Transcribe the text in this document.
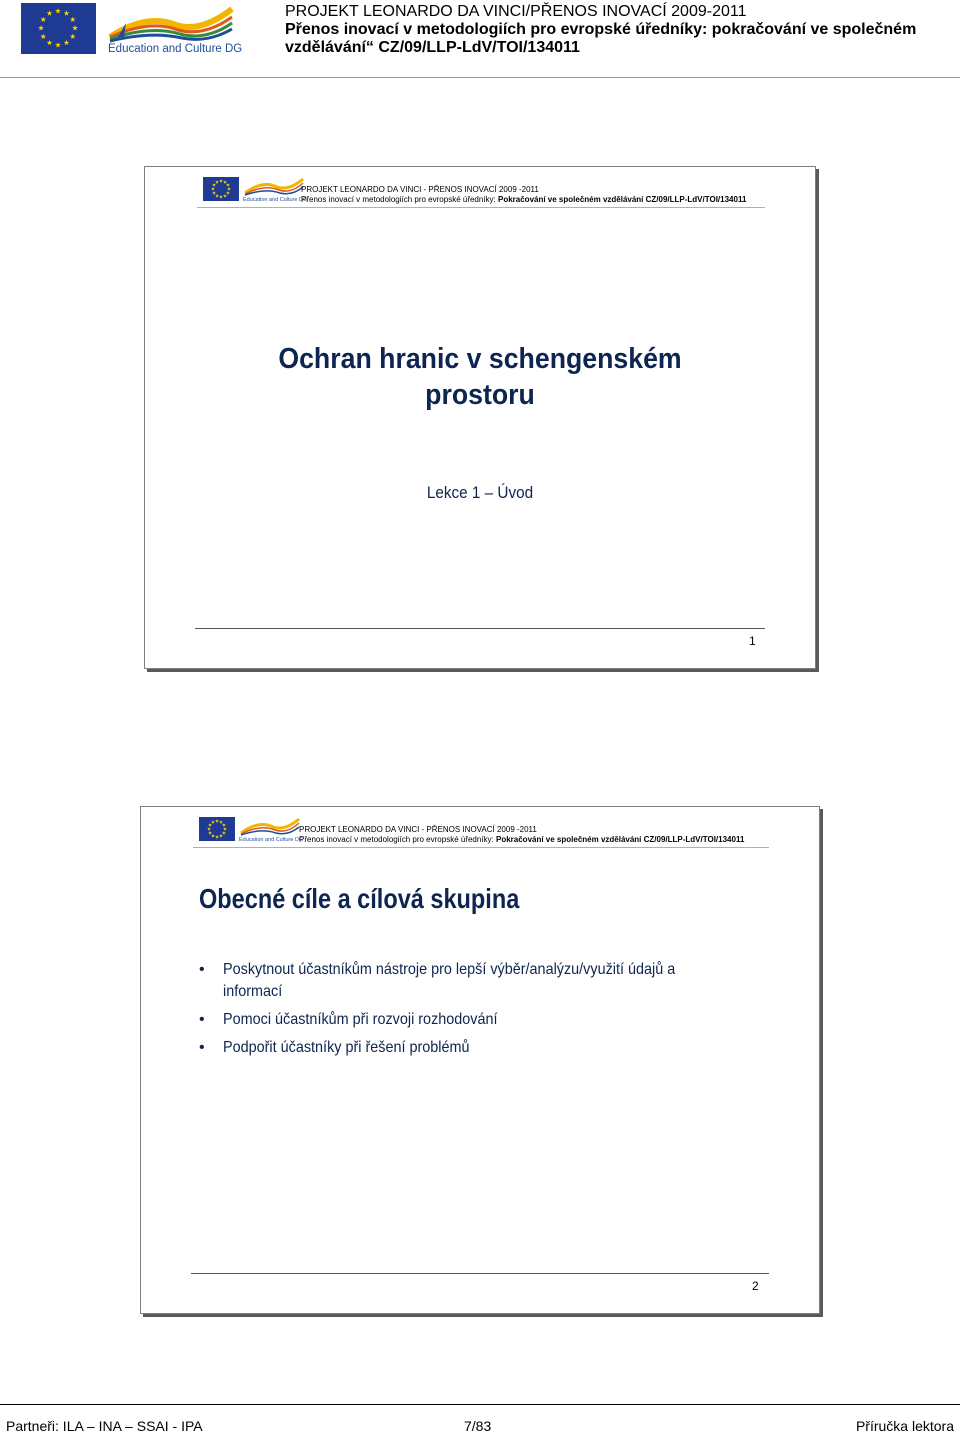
Education and Culture DG
PROJEKT LEONARDO DA VINCI/PŘENOS INOVACÍ 2009-2011
Přenos inovací v metodologiích pro evropské úředníky: pokračování ve společném
vzdělávání“ CZ/09/LLP-LdV/TOI/134011
Education and Culture DG
PROJEKT LEONARDO DA VINCI - PŘENOS INOVACÍ 2009 -2011
Přenos inovací v metodologiích pro evropské úředníky: Pokračování ve společném vzdělávání CZ/09/LLP-LdV/TOI/134011
Ochran hranic v schengenském
prostoru
Lekce 1 – Úvod
1
Education and Culture DG
PROJEKT LEONARDO DA VINCI - PŘENOS INOVACÍ 2009 -2011
Přenos inovací v metodologiích pro evropské úředníky: Pokračování ve společném vzdělávání CZ/09/LLP-LdV/TOI/134011
Obecné cíle a cílová skupina
• Poskytnout účastníkům nástroje pro lepší výběr/analýzu/využití údajů a informací
• Pomoci účastníkům při rozvoji rozhodování
• Podpořit účastníky při řešení problémů
2
Partneři: ILA – INA – SSAI - IPA	7/83	Příručka lektora
